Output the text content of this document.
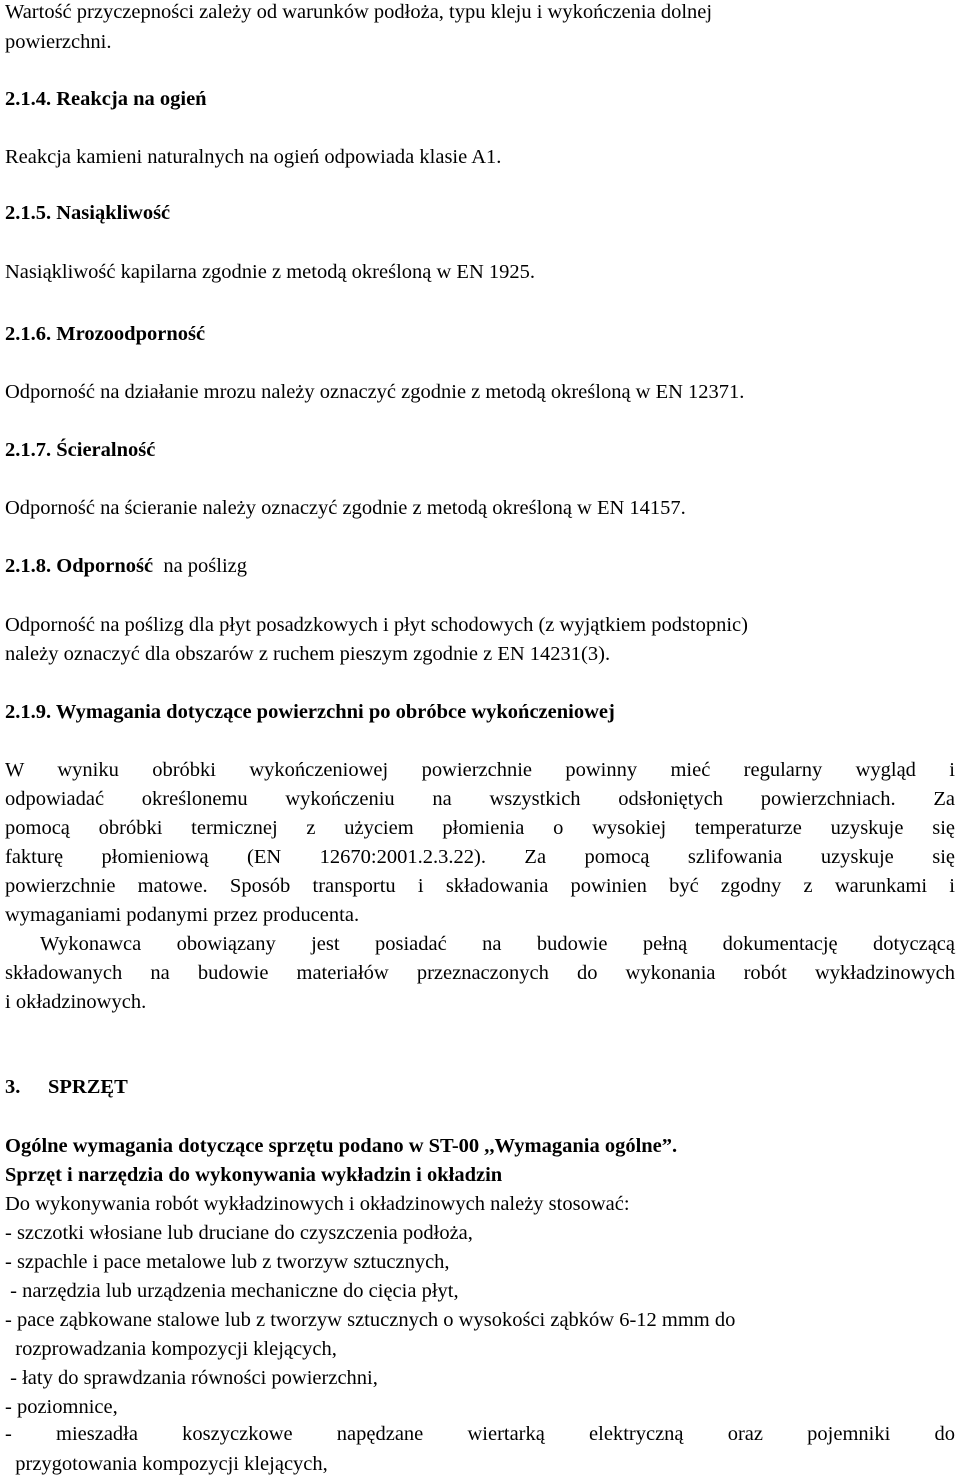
Wartość przyczepności zależy od warunków podłoża, typu kleju i wykończenia dolnej
powierzchni.
2.1.4. Reakcja na ogień
Reakcja kamieni naturalnych na ogień odpowiada klasie A1.
2.1.5. Nasiąkliwość
Nasiąkliwość kapilarna zgodnie z metodą określoną w EN 1925.
2.1.6. Mrozoodporność
Odporność na działanie mrozu należy oznaczyć zgodnie z metodą określoną w EN 12371.
2.1.7. Ścieralność
Odporność na ścieranie należy oznaczyć zgodnie z metodą określoną w EN 14157.
2.1.8. Odporność na poślizg
Odporność na poślizg dla płyt posadzkowych i płyt schodowych (z wyjątkiem podstopnic)
należy oznaczyć dla obszarów z ruchem pieszym zgodnie z EN 14231(3).
2.1.9. Wymagania dotyczące powierzchni po obróbce wykończeniowej
W wyniku obróbki wykończeniowej powierzchnie powinny mieć regularny wygląd i
odpowiadać określonemu wykończeniu na wszystkich odsłoniętych powierzchniach. Za
pomocą obróbki termicznej z użyciem płomienia o wysokiej temperaturze uzyskuje się
fakturę płomieniową (EN 12670:2001.2.3.22). Za pomocą szlifowania uzyskuje się
powierzchnie matowe. Sposób transportu i składowania powinien być zgodny z warunkami i
wymaganiami podanymi przez producenta.
Wykonawca obowiązany jest posiadać na budowie pełną dokumentację dotyczącą
składowanych na budowie materiałów przeznaczonych do wykonania robót wykładzinowych
i okładzinowych.
3. SPRZĘT
Ogólne wymagania dotyczące sprzętu podano w ST-00 ,,Wymagania ogólne”.
Sprzęt i narzędzia do wykonywania wykładzin i okładzin
Do wykonywania robót wykładzinowych i okładzinowych należy stosować:
- szczotki włosiane lub druciane do czyszczenia podłoża,
- szpachle i pace metalowe lub z tworzyw sztucznych,
- narzędzia lub urządzenia mechaniczne do cięcia płyt,
- pace ząbkowane stalowe lub z tworzyw sztucznych o wysokości ząbków 6-12 mmm do
rozprowadzania kompozycji klejących,
- łaty do sprawdzania równości powierzchni,
- poziomnice,
- mieszadła koszyczkowe napędzane wiertarką elektryczną oraz pojemniki do
przygotowania kompozycji klejących,
